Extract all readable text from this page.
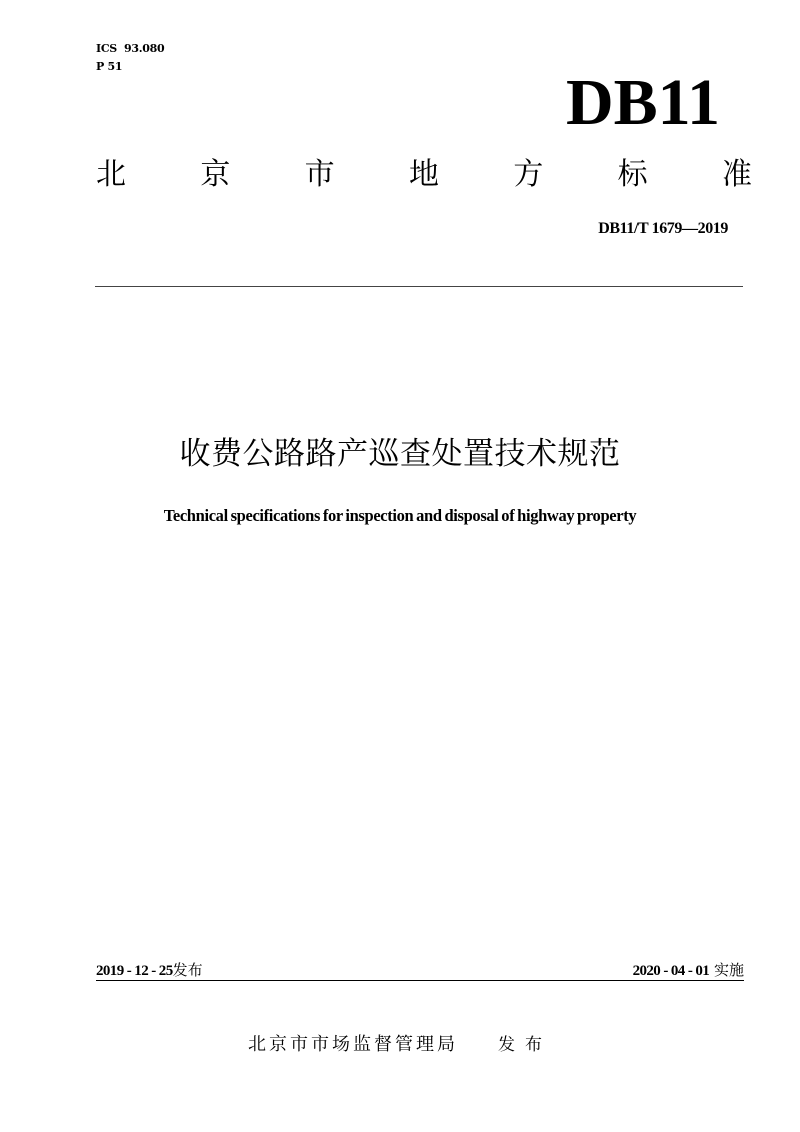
ICS  93.080
P 51	DB11
北 京 市 地 方 标 准
DB11/T 1679—2019
收费公路路产巡查处置技术规范
Technical specifications for inspection and disposal of highway property
2019 - 12 - 25发布	2020 - 04 - 01 实施
北京市市场监督管理局 发布
